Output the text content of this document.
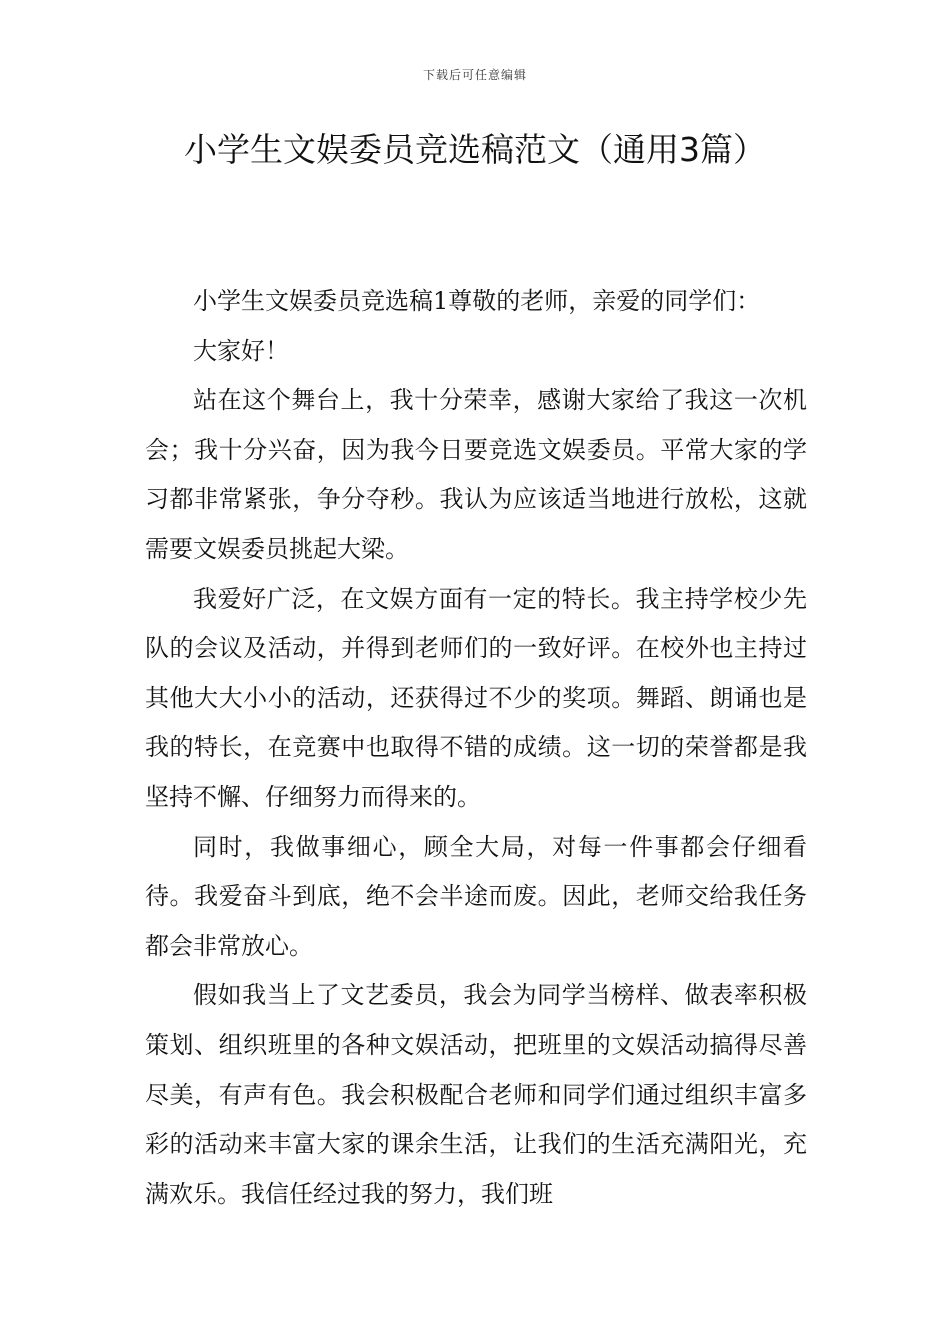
下载后可任意编辑
小学生文娱委员竞选稿范文（通用3篇）

小学生文娱委员竞选稿1尊敬的老师，亲爱的同学们：

大家好！

站在这个舞台上，我十分荣幸，感谢大家给了我这一次机会；我十分兴奋，因为我今日要竞选文娱委员。平常大家的学习都非常紧张，争分夺秒。我认为应该适当地进行放松，这就需要文娱委员挑起大梁。

我爱好广泛，在文娱方面有一定的特长。我主持学校少先队的会议及活动，并得到老师们的一致好评。在校外也主持过其他大大小小的活动，还获得过不少的奖项。舞蹈、朗诵也是我的特长，在竞赛中也取得不错的成绩。这一切的荣誉都是我坚持不懈、仔细努力而得来的。

同时，我做事细心，顾全大局，对每一件事都会仔细看待。我爱奋斗到底，绝不会半途而废。因此，老师交给我任务都会非常放心。

假如我当上了文艺委员，我会为同学当榜样、做表率积极策划、组织班里的各种文娱活动，把班里的文娱活动搞得尽善尽美，有声有色。我会积极配合老师和同学们通过组织丰富多彩的活动来丰富大家的课余生活，让我们的生活充满阳光，充满欢乐。我信任经过我的努力，我们班
